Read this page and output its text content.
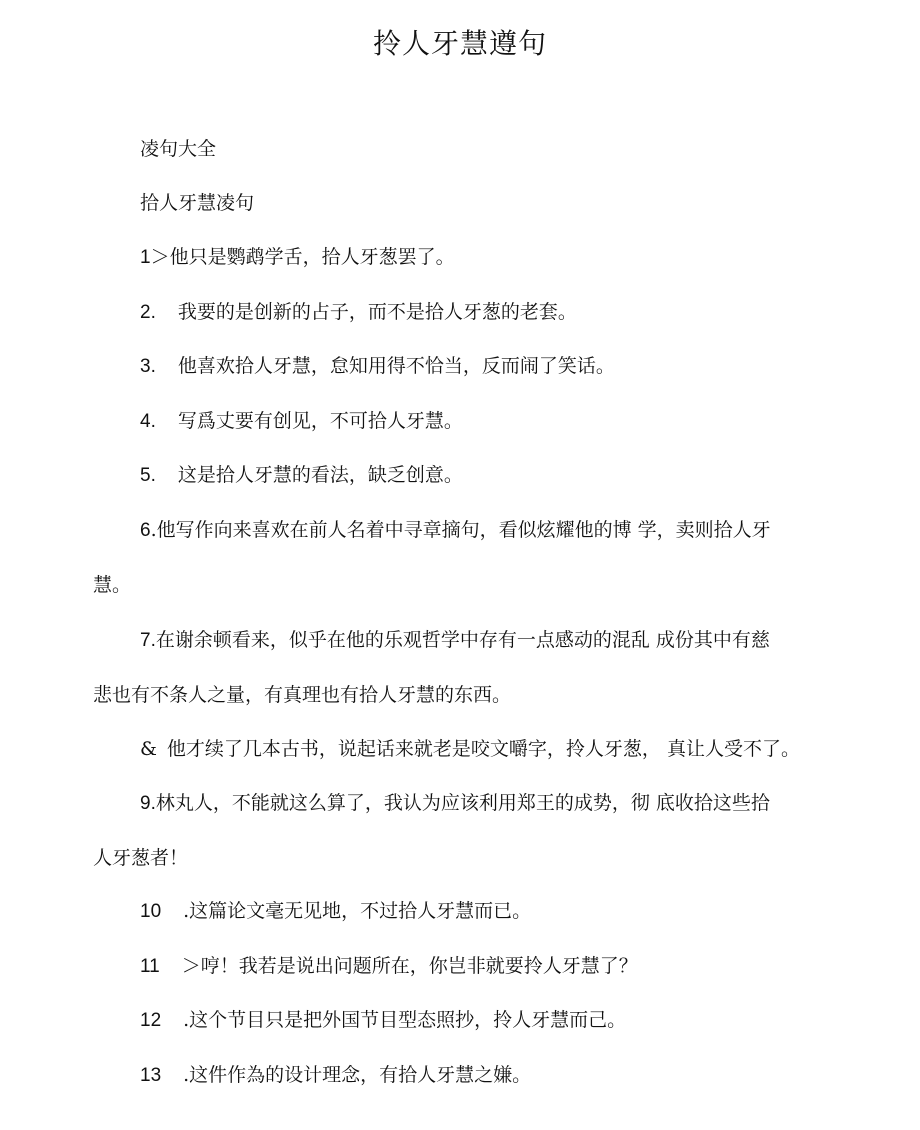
拎人牙慧遵句
凌句大全
拾人牙慧凌句
1＞他只是鹦鹉学舌，拾人牙葱罢了。
2. 我要的是创新的占子，而不是拾人牙葱的老套。
3. 他喜欢拾人牙慧，怠知用得不恰当，反而闹了笑话。
4. 写爲丈要有创见，不可拾人牙慧。
5. 这是拾人牙慧的看法，缺乏创意。
6.他写作向来喜欢在前人名着中寻章摘句，看似炫耀他的博 学，卖则拾人牙
慧。
7.在谢余顿看来，似乎在他的乐观哲学中存有一点感动的混乱 成份其中有慈
悲也有不条人之量，有真理也有拾人牙慧的东西。
& 他才续了几本古书，说起话来就老是咬文嚼字，拎人牙葱， 真让人受不了。
9.林丸人，不能就这么算了，我认为应该利用郑王的成势，彻 底收拾这些拾
人牙葱者！
10 .这篇论文毫无见地，不过拾人牙慧而已。
11 ＞哼！我若是说出问题所在，你岂非就要拎人牙慧了？
12 .这个节目只是把外国节目型态照抄，拎人牙慧而己。
13 .这件作為的设计理念，有拾人牙慧之嫌。
